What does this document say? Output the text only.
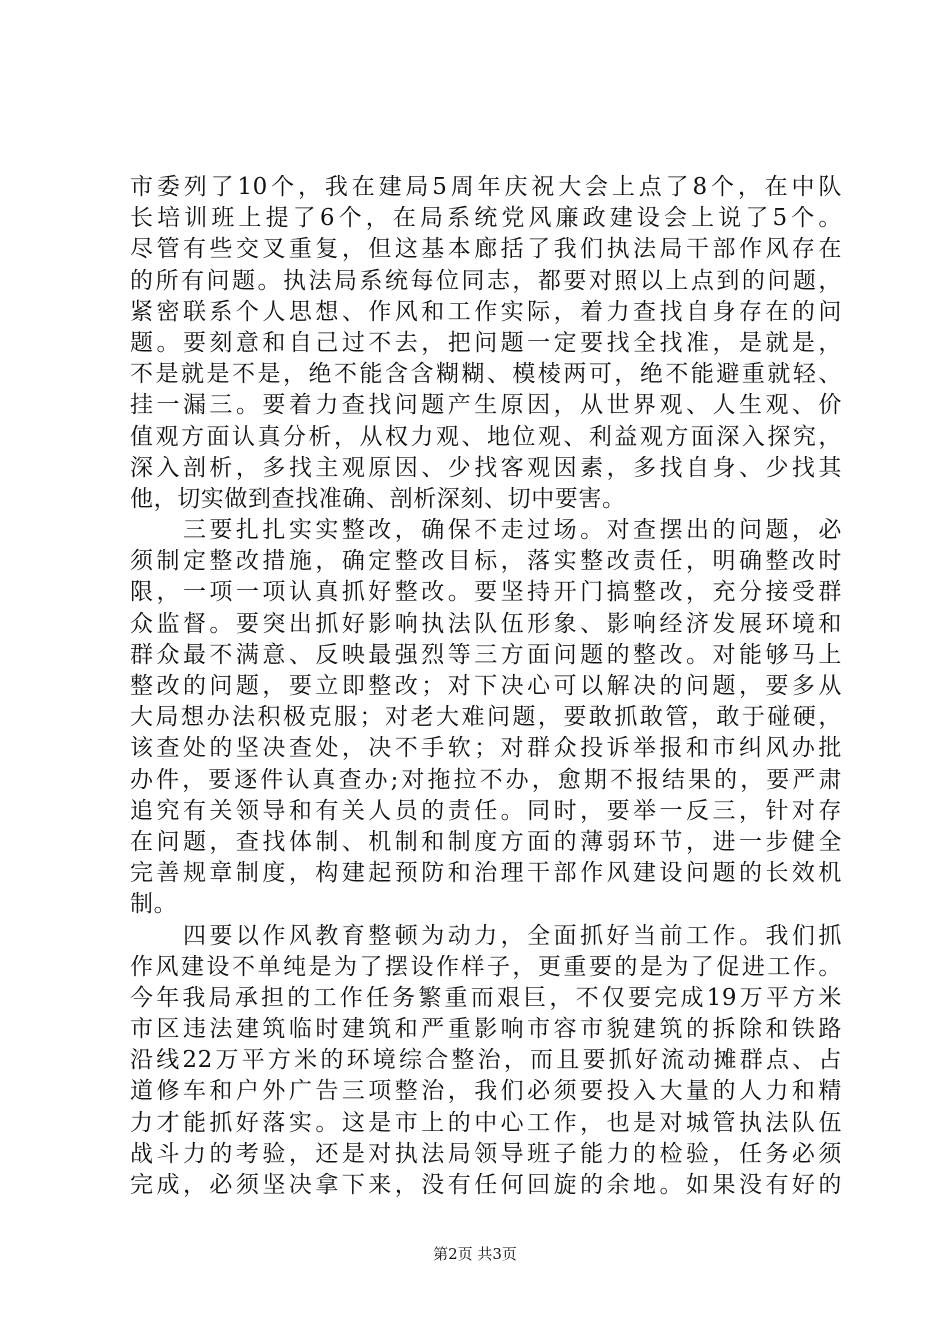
市委列了10个，我在建局5周年庆祝大会上点了8个，在中队
长培训班上提了6个，在局系统党风廉政建设会上说了5个。
尽管有些交叉重复，但这基本廊括了我们执法局干部作风存在
的所有问题。执法局系统每位同志，都要对照以上点到的问题，
紧密联系个人思想、作风和工作实际，着力查找自身存在的问
题。要刻意和自己过不去，把问题一定要找全找准，是就是，
不是就是不是，绝不能含含糊糊、模棱两可，绝不能避重就轻、
挂一漏三。要着力查找问题产生原因，从世界观、人生观、价
值观方面认真分析，从权力观、地位观、利益观方面深入探究，
深入剖析，多找主观原因、少找客观因素，多找自身、少找其
他，切实做到查找准确、剖析深刻、切中要害。
　　三要扎扎实实整改，确保不走过场。对查摆出的问题，必
须制定整改措施，确定整改目标，落实整改责任，明确整改时
限，一项一项认真抓好整改。要坚持开门搞整改，充分接受群
众监督。要突出抓好影响执法队伍形象、影响经济发展环境和
群众最不满意、反映最强烈等三方面问题的整改。对能够马上
整改的问题，要立即整改；对下决心可以解决的问题，要多从
大局想办法积极克服；对老大难问题，要敢抓敢管，敢于碰硬，
该查处的坚决查处，决不手软；对群众投诉举报和市纠风办批
办件，要逐件认真查办;对拖拉不办，愈期不报结果的，要严肃
追究有关领导和有关人员的责任。同时，要举一反三，针对存
在问题，查找体制、机制和制度方面的薄弱环节，进一步健全
完善规章制度，构建起预防和治理干部作风建设问题的长效机
制。
　　四要以作风教育整顿为动力，全面抓好当前工作。我们抓
作风建设不单纯是为了摆设作样子，更重要的是为了促进工作。
今年我局承担的工作任务繁重而艰巨，不仅要完成19万平方米
市区违法建筑临时建筑和严重影响市容市貌建筑的拆除和铁路
沿线22万平方米的环境综合整治，而且要抓好流动摊群点、占
道修车和户外广告三项整治，我们必须要投入大量的人力和精
力才能抓好落实。这是市上的中心工作，也是对城管执法队伍
战斗力的考验，还是对执法局领导班子能力的检验，任务必须
完成，必须坚决拿下来，没有任何回旋的余地。如果没有好的
第2页 共3页
